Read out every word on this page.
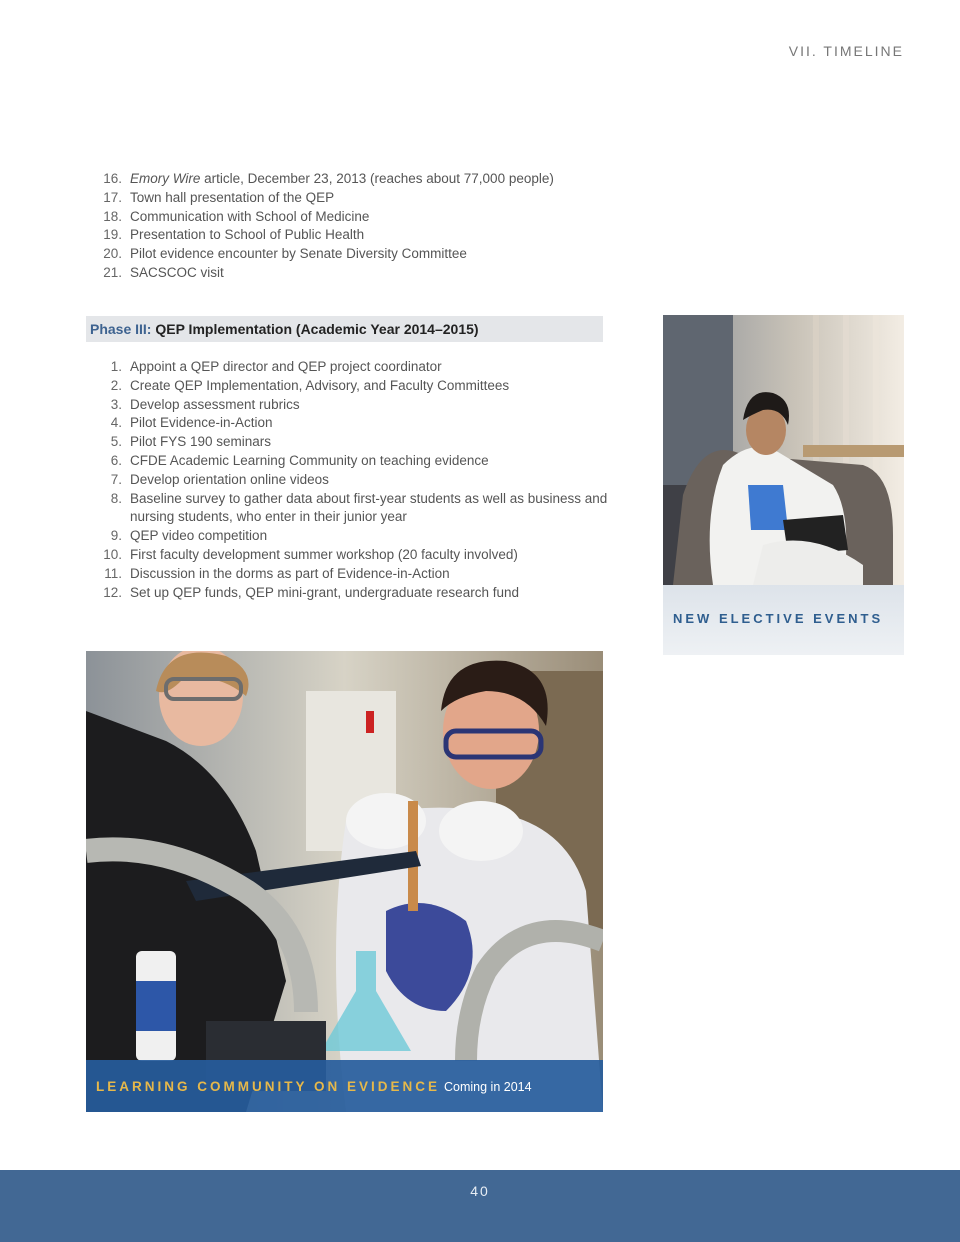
VII. TIMELINE
16. Emory Wire article, December 23, 2013 (reaches about 77,000 people)
17. Town hall presentation of the QEP
18. Communication with School of Medicine
19. Presentation to School of Public Health
20. Pilot evidence encounter by Senate Diversity Committee
21. SACSCOC visit
Phase III: QEP Implementation (Academic Year 2014–2015)
1. Appoint a QEP director and QEP project coordinator
2. Create QEP Implementation, Advisory, and Faculty Committees
3. Develop assessment rubrics
4. Pilot Evidence-in-Action
5. Pilot FYS 190 seminars
6. CFDE Academic Learning Community on teaching evidence
7. Develop orientation online videos
8. Baseline survey to gather data about first-year students as well as business and nursing students, who enter in their junior year
9. QEP video competition
10. First faculty development summer workshop (20 faculty involved)
11. Discussion in the dorms as part of Evidence-in-Action
12. Set up QEP funds, QEP mini-grant, undergraduate research fund
NEW ELECTIVE EVENTS
LEARNING COMMUNITY ON EVIDENCE Coming in 2014
40
